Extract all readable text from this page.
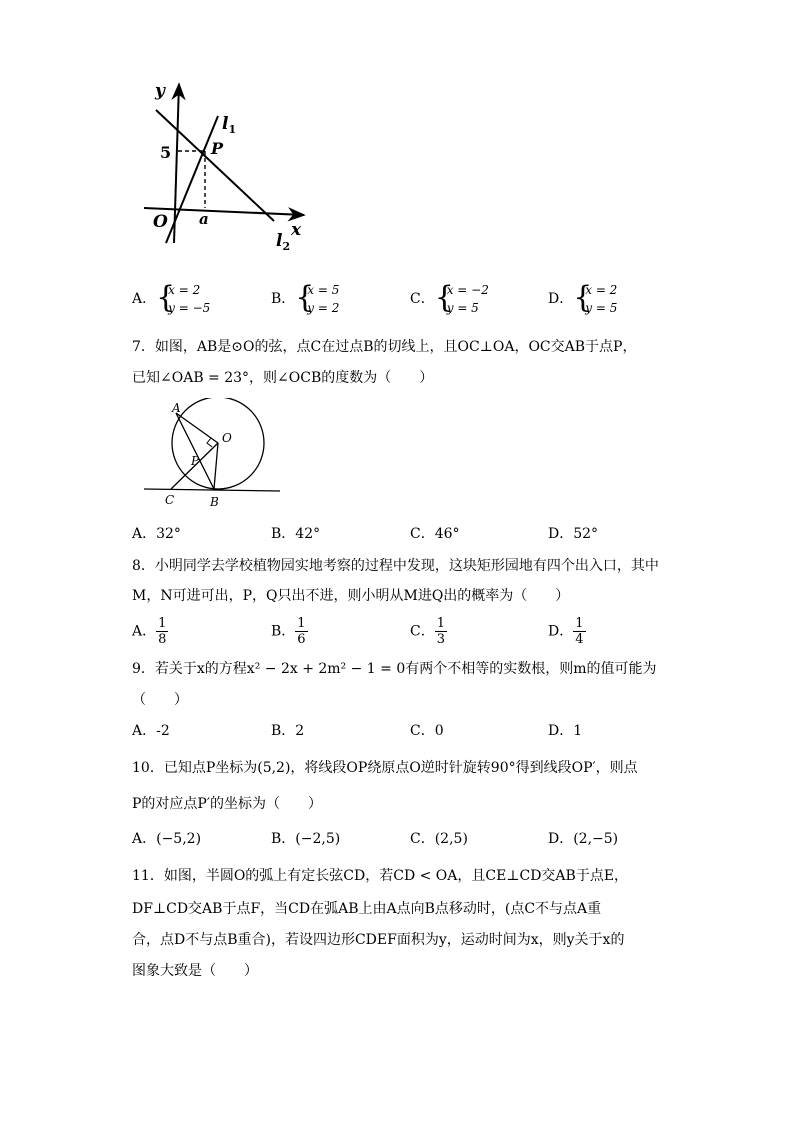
y
x
O a
5 P
$l_1$
$l_2$
A． {
x = 2
y = −5
B． {
x = 5
y = 2
C． {
x = −2
y = 5
D． {
x = 2
y = 5
7．如图，AB是⊙O的弦，点C在过点B的切线上，且OC⊥OA，OC交AB于点P，
已知∠OAB = 23°，则∠OCB的度数为（　　）
A
O
P
C	B
A．32°	B．42°	C．46°	D．52°
8．小明同学去学校植物园实地考察的过程中发现，这块矩形园地有四个出入口，其中
M，N可进可出，P，Q只出不进，则小明从M进Q出的概率为（　　）
A． $\frac{1}{8}$	B． $\frac{1}{6}$	C． $\frac{1}{3}$	D． $\frac{1}{4}$
9．若关于x的方程x² − 2x + 2m² − 1 = 0有两个不相等的实数根，则m的值可能为
（　　）
A．-2	B．2	C．0	D．1
10．已知点P坐标为(5,2)，将线段OP绕原点O逆时针旋转90°得到线段OP′，则点
P的对应点P′的坐标为（　　）
A．(−5,2)	B．(−2,5)	C．(2,5)	D．(2,−5)
11．如图，半圆O的弧上有定长弦CD，若CD < OA，且CE⊥CD交AB于点E，
DF⊥CD交AB于点F，当CD在弧AB上由A点向B点移动时，(点C不与点A重
合，点D不与点B重合)，若设四边形CDEF面积为y，运动时间为x，则y关于x的
图象大致是（　　）
